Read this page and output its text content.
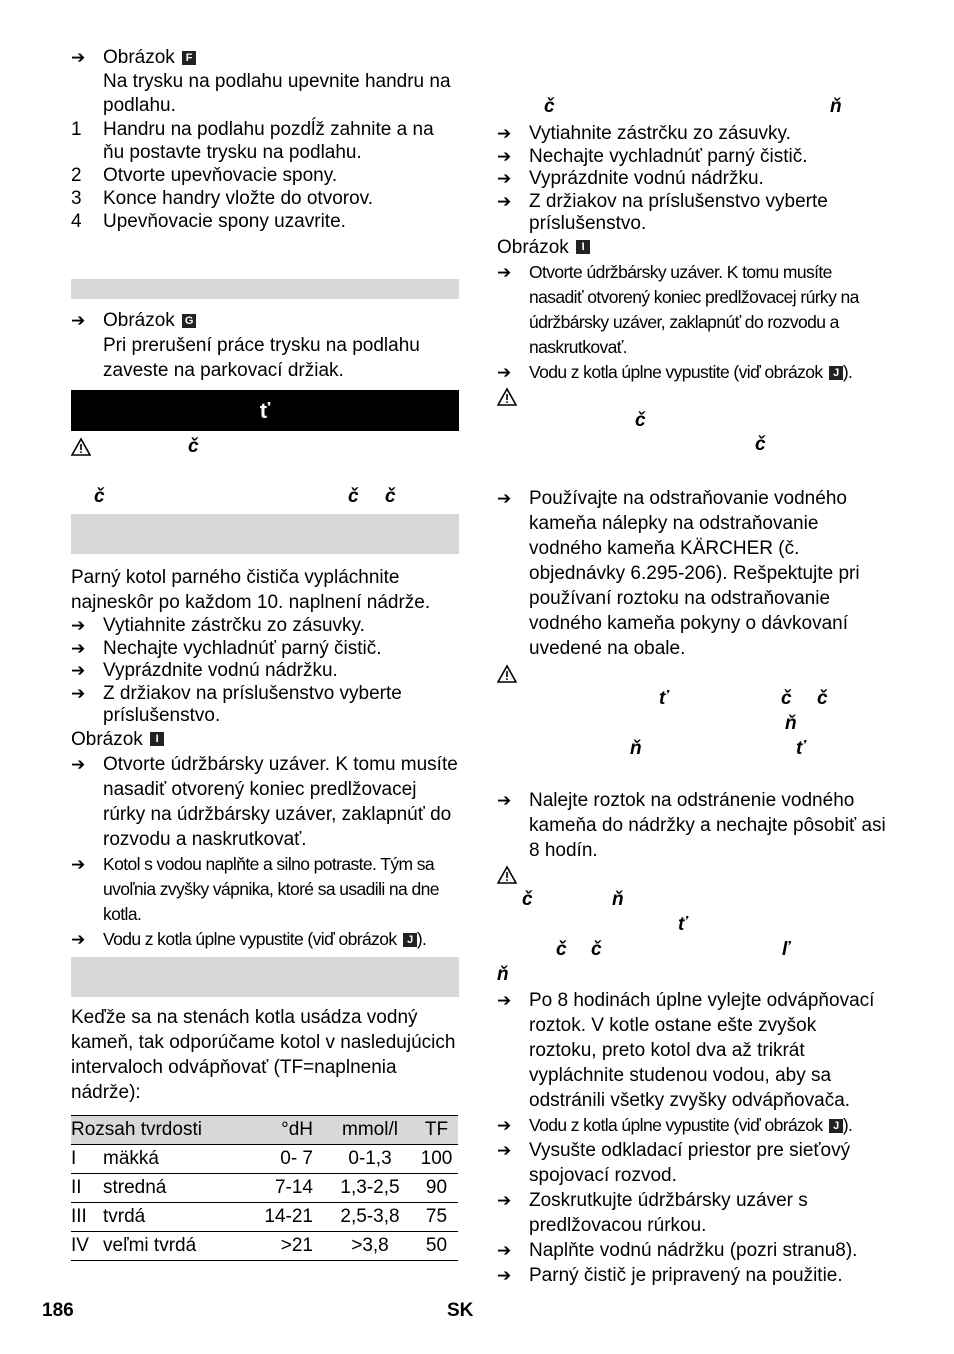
➔ Obrázok F
Na trysku na podlahu upevnite handru na podlahu.
1	Handru na podlahu pozdĺž zahnite a na ňu postavte trysku na podlahu.
2	Otvorte upevňovacie spony.
3	Konce handry vložte do otvorov.
4	Upevňovacie spony uzavrite.
➔ Obrázok G
Pri prerušení práce trysku na podlahu zaveste na parkovací držiak.
ť
č
č	č č
Parný kotol parného čističa vypláchnite najneskôr po každom 10. naplnení nádrže.
➔ Vytiahnite zástrčku zo zásuvky.
➔ Nechajte vychladnúť parný čistič.
➔ Vyprázdnite vodnú nádržku.
➔ Z držiakov na príslušenstvo vyberte príslušenstvo.
Obrázok I
➔ Otvorte údržbársky uzáver. K tomu musíte nasadiť otvorený koniec predlžovacej rúrky na údržbársky uzáver, zaklapnúť do rozvodu a naskrutkovať.
➔	Kotol s vodou naplňte a silno potraste. Tým sa uvoľnia zvyšky vápnika, ktoré sa usadili na dne kotla.
➔	Vodu z kotla úplne vypustite (viď obrázok J ).
Keďže sa na stenách kotla usádza vodný kameň, tak odporúčame kotol v nasledujúcich intervaloch odvápňovať (TF=naplnenia nádrže):
Rozsah tvrdosti		°dH	mmol/l	TF
I	mäkká	0- 7	0-1,3	100
II	stredná	7-14	1,3-2,5	90
III	tvrdá	14-21	2,5-3,8	75
IV	veľmi tvrdá	>21	>3,8	50
č	ň
➔ Vytiahnite zástrčku zo zásuvky.
➔ Nechajte vychladnúť parný čistič.
➔ Vyprázdnite vodnú nádržku.
➔ Z držiakov na príslušenstvo vyberte príslušenstvo.
Obrázok I
➔	Otvorte údržbársky uzáver. K tomu musíte nasadiť otvorený koniec predlžovacej rúrky na údržbársky uzáver, zaklapnúť do rozvodu a naskrutkovať.
➔	Vodu z kotla úplne vypustite (viď obrázok J ).
č
č
➔ Používajte na odstraňovanie vodného kameňa nálepky na odstraňovanie vodného kameňa KÄRCHER (č. objednávky 6.295-206). Rešpektujte pri používaní roztoku na odstraňovanie vodného kameňa pokyny o dávkovaní uvedené na obale.
ť	č č
ň
ň	ť
➔ Nalejte roztok na odstránenie vodného kameňa do nádržky a nechajte pôsobiť asi 8 hodín.
č	ň
ť
č č	ľ
ň
➔ Po 8 hodinách úplne vylejte odvápňovací roztok. V kotle ostane ešte zvyšok roztoku, preto kotol dva až trikrát vypláchnite studenou vodou, aby sa odstránili všetky zvyšky odvápňovača.
➔	Vodu z kotla úplne vypustite (viď obrázok J ).
➔ Vysušte odkladací priestor pre sieťový spojovací rozvod.
➔ Zoskrutkujte údržbársky uzáver s predlžovacou rúrkou.
➔ Naplňte vodnú nádržku (pozri stranu8).
➔ Parný čistič je pripravený na použitie.
186	SK
